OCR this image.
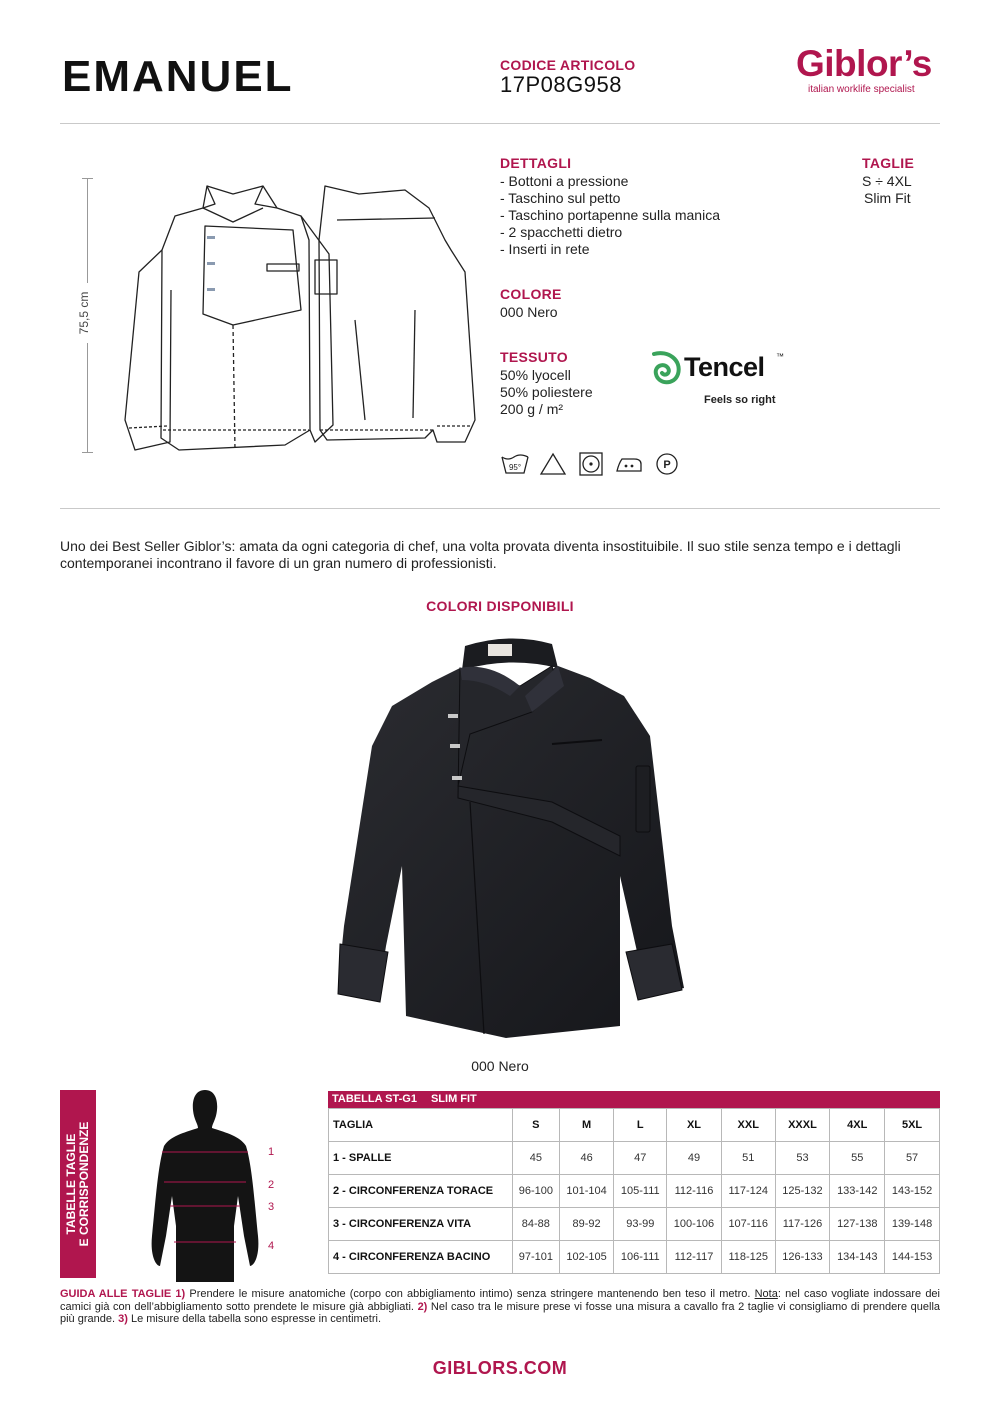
EMANUEL	CODICE ARTICOLO
17P08G958
Giblor’s
italian worklife specialist
75,5 cm
DETTAGLI
- Bottoni a pressione
- Taschino sul petto
- Taschino portapenne sulla manica
- 2 spacchetti dietro
- Inserti in rete
TAGLIE
S ÷ 4XL
Slim Fit
COLORE
000 Nero
TESSUTO
50% lyocell
50% poliestere
200 g / m²
Tencel ™
Feels so right
95°	P
Uno dei Best Seller Giblor’s: amata da ogni categoria di chef, una volta provata diventa insostituibile. Il suo stile senza tempo e i dettagli contemporanei incontrano il favore di un gran numero di professionisti.
COLORI DISPONIBILI
000 Nero
TABELLE TAGLIE E CORRISPONDENZE	1
2
3
4
TABELLA ST-G1 SLIM FIT
TAGLIA	S	M	L	XL	XXL	XXXL	4XL	5XL
1 - SPALLE	45	46	47	49	51	53	55	57
2 - CIRCONFERENZA TORACE	96-100	101-104	105-111	112-116	117-124	125-132	133-142	143-152
3 - CIRCONFERENZA VITA	84-88	89-92	93-99	100-106	107-116	117-126	127-138	139-148
4 - CIRCONFERENZA BACINO	97-101	102-105	106-111	112-117	118-125	126-133	134-143	144-153
GUIDA ALLE TAGLIE 1) Prendere le misure anatomiche (corpo con abbigliamento intimo) senza stringere mantenendo ben teso il metro. Nota: nel caso vogliate indossare dei camici già con dell’abbigliamento sotto prendete le misure già abbigliati. 2) Nel caso tra le misure prese vi fosse una misura a cavallo fra 2 taglie vi consigliamo di prendere quella più grande. 3) Le misure della tabella sono espresse in centimetri.
GIBLORS.COM
